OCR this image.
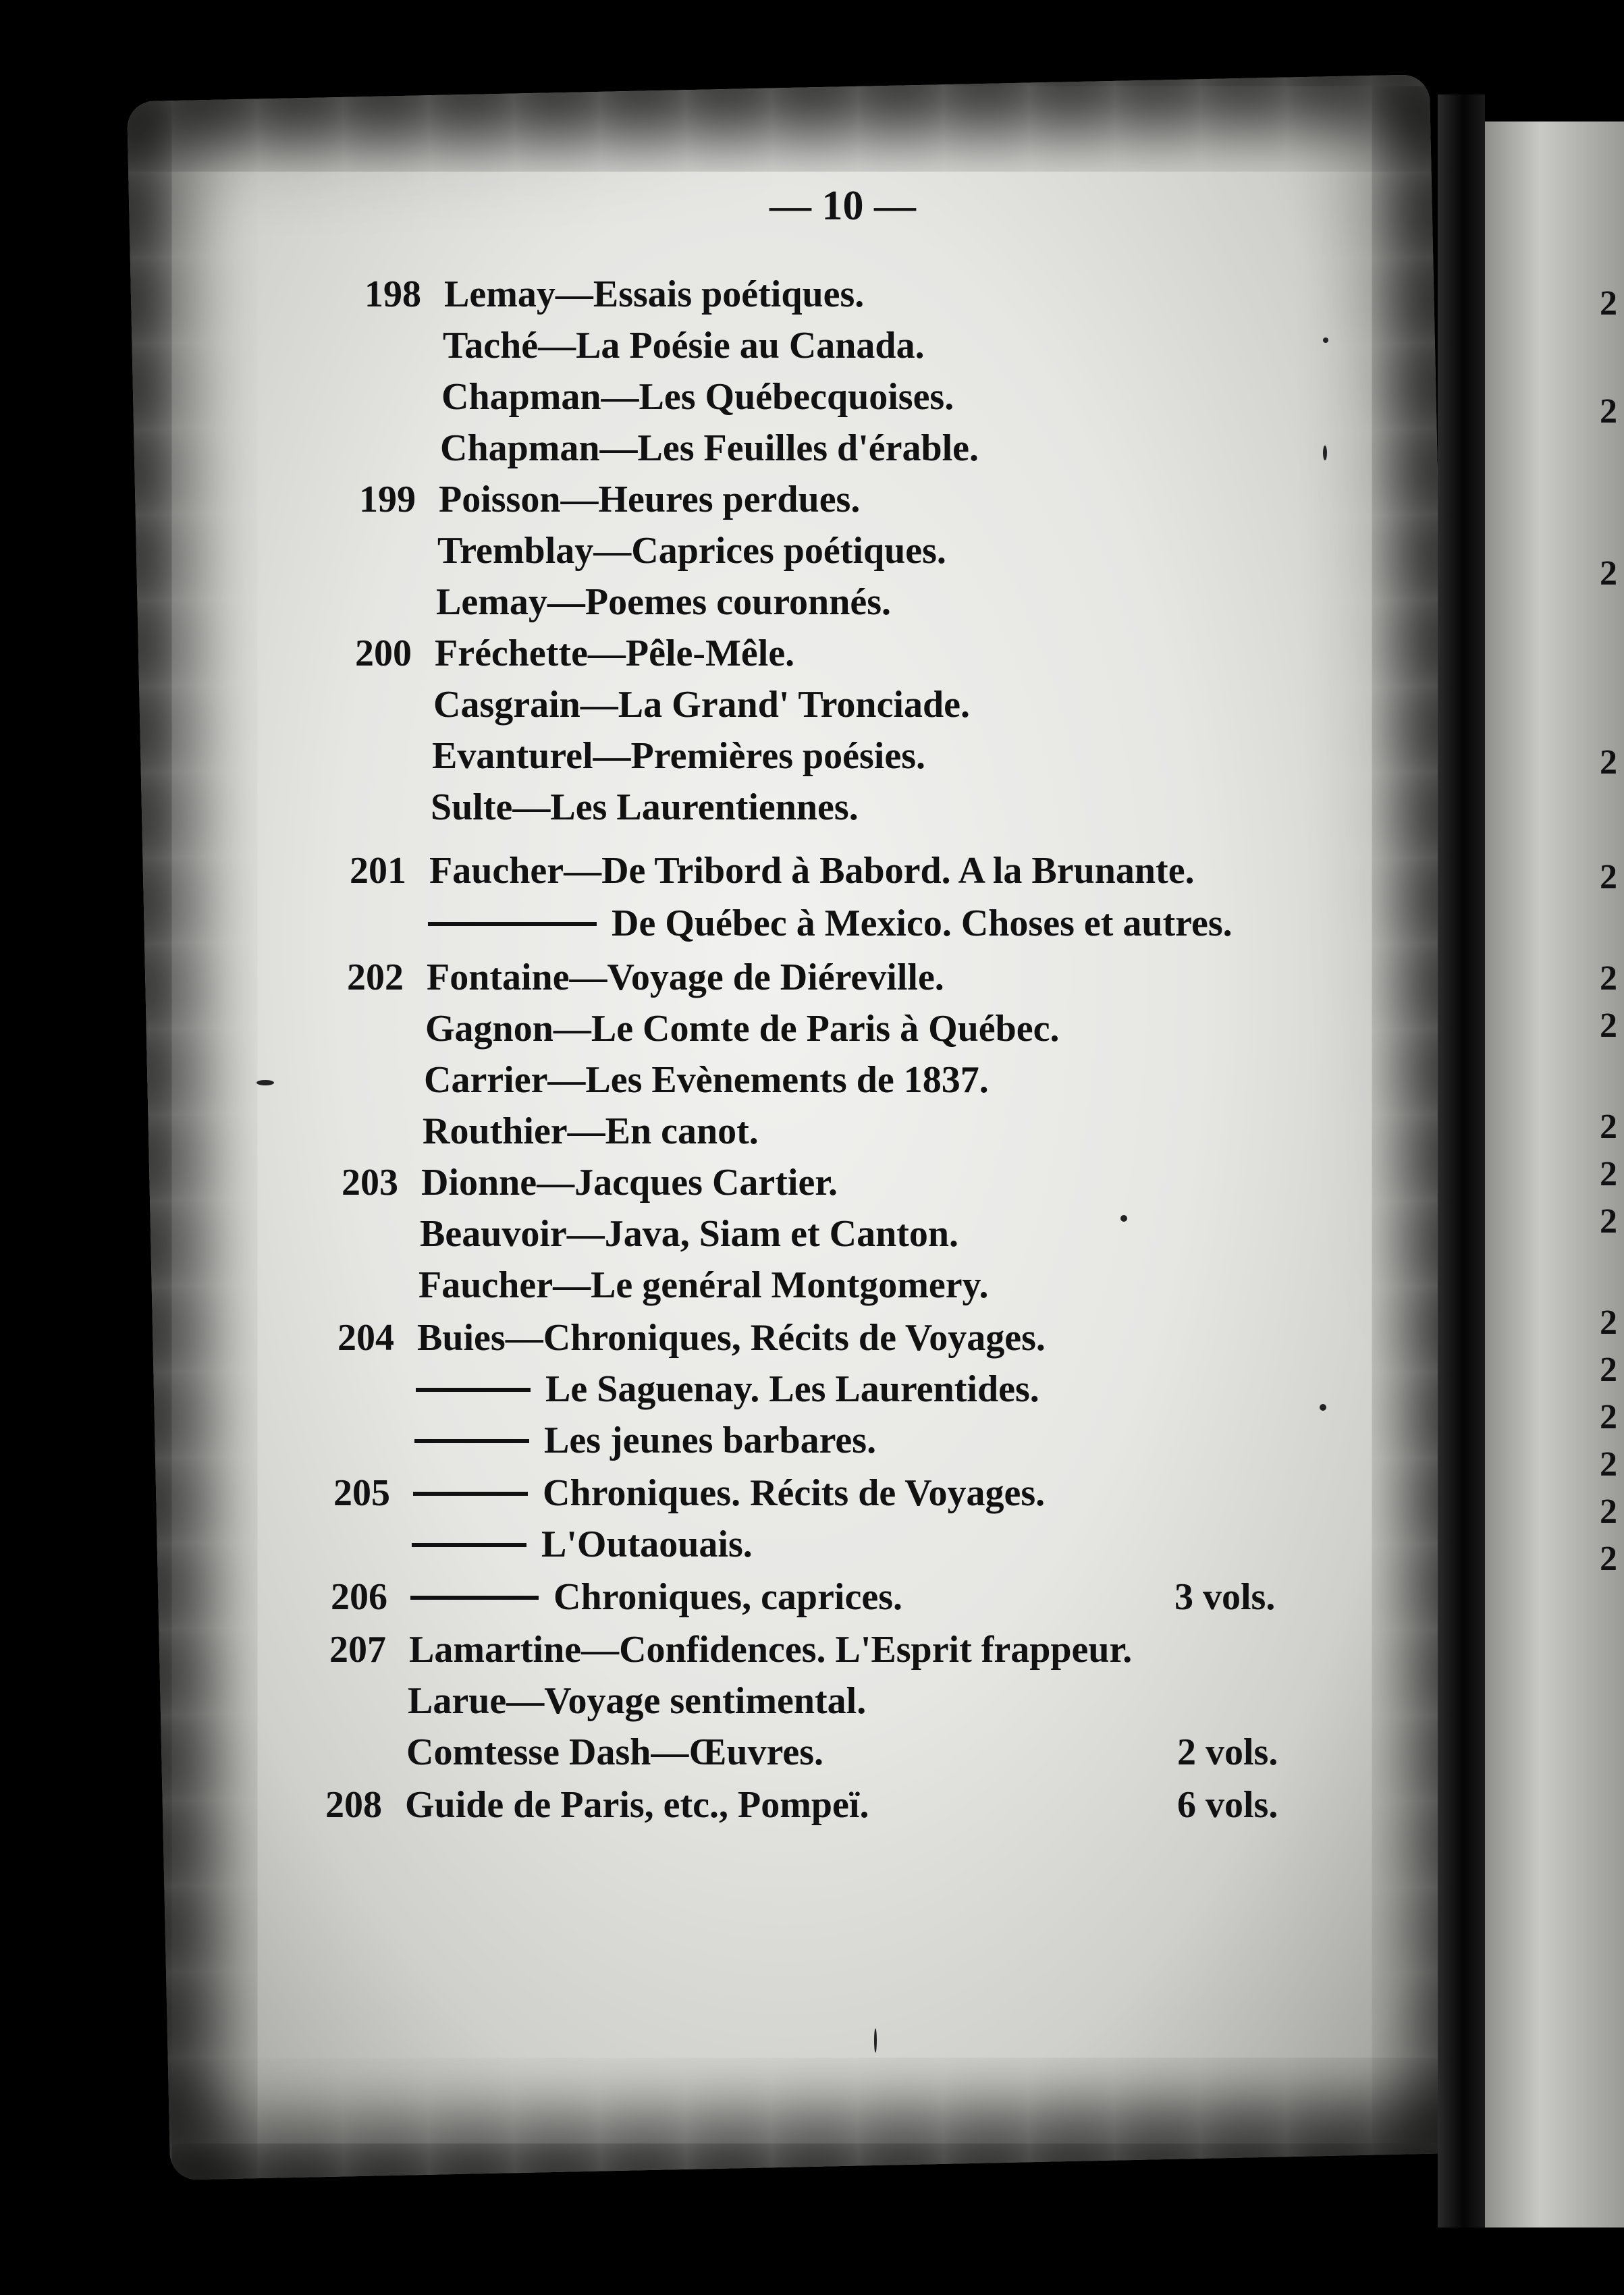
2
2
2
2
2
2
2
2
2
2
2
2
2
2
2
2
— 10 —
198 Lemay—Essais poétiques.
Taché—La Poésie au Canada.
Chapman—Les Québecquoises.
Chapman—Les Feuilles d'érable.
199 Poisson—Heures perdues.
Tremblay—Caprices poétiques.
Lemay—Poemes couronnés.
200 Fréchette—Pêle-Mêle.
Casgrain—La Grand' Tronciade.
Evanturel—Premières poésies.
Sulte—Les Laurentiennes.
201 Faucher—De Tribord à Babord. A la Brunante.
De Québec à Mexico. Choses et autres.
202 Fontaine—Voyage de Diéreville.
Gagnon—Le Comte de Paris à Québec.
Carrier—Les Evènements de 1837.
Routhier—En canot.
203 Dionne—Jacques Cartier.
Beauvoir—Java, Siam et Canton.
Faucher—Le genéral Montgomery.
204 Buies—Chroniques, Récits de Voyages.
Le Saguenay. Les Laurentides.
Les jeunes barbares.
205	Chroniques. Récits de Voyages.
L'Outaouais.
206	Chroniques, caprices.	3 vols.
207 Lamartine—Confidences. L'Esprit frappeur.
Larue—Voyage sentimental.
Comtesse Dash—Œuvres.	2 vols.
208 Guide de Paris, etc., Pompeï.	6 vols.
